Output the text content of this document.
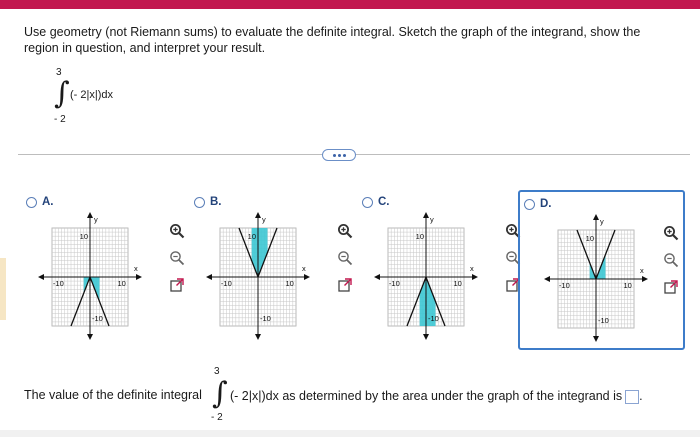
Use geometry (not Riemann sums) to evaluate the definite integral. Sketch the graph of the integrand, show the region in question, and interpret your result.

3
∫ (- 2|x|)dx
- 2
A.
y
x
10
-10
-10	10
B.
y
x
10
-10
-10	10
C.
y
x
10
-10
-10	10
D.
y
x
10
-10
-10	10
The value of the definite integral
3
∫
- 2
(- 2|x|)dx as determined by the area under the graph of the integrand is .
